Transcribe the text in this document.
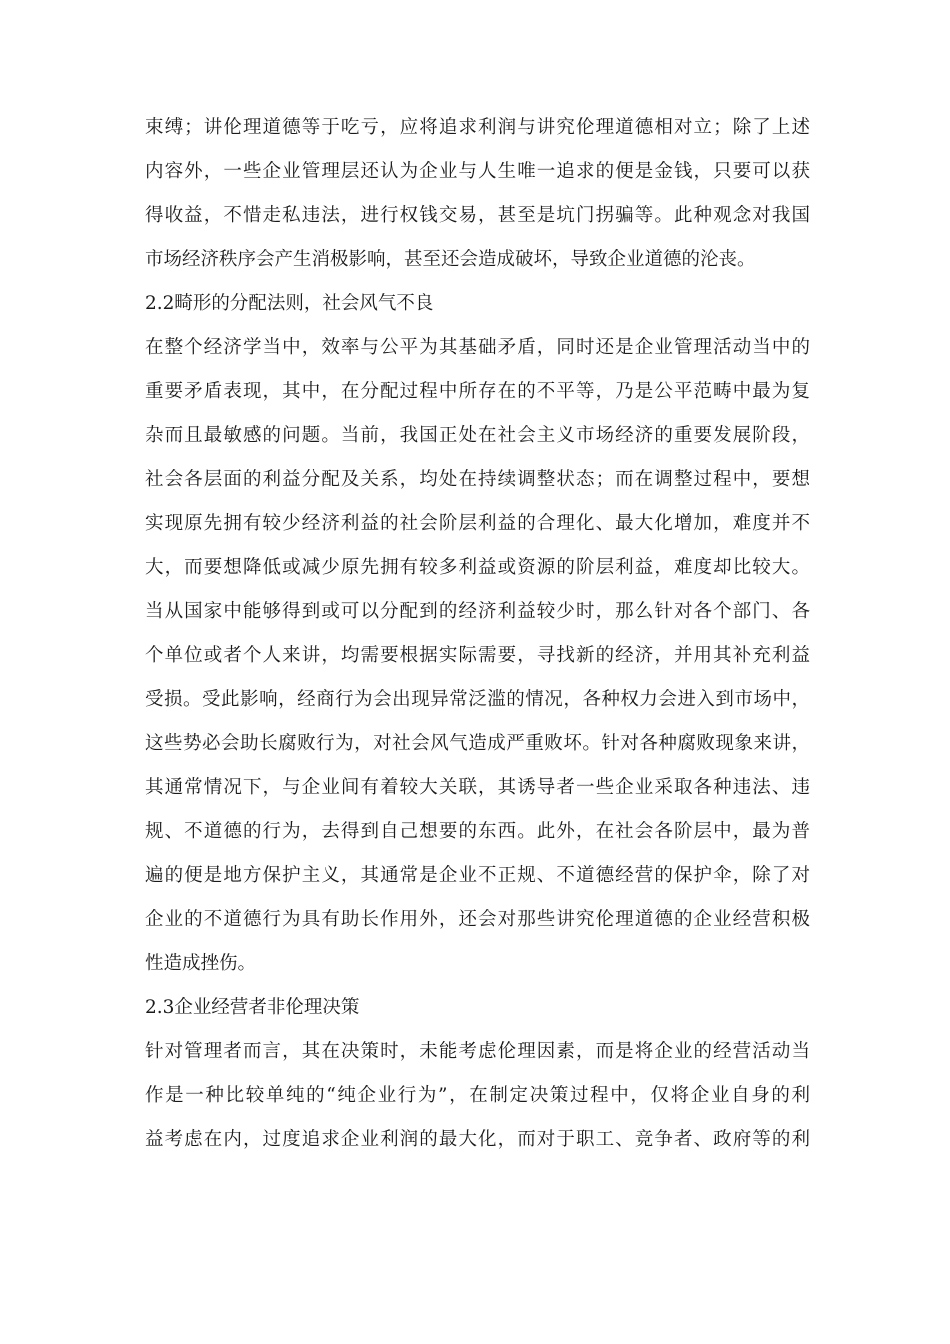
束缚；讲伦理道德等于吃亏，应将追求利润与讲究伦理道德相对立；除了上述
内容外，一些企业管理层还认为企业与人生唯一追求的便是金钱，只要可以获
得收益，不惜走私违法，进行权钱交易，甚至是坑门拐骗等。此种观念对我国
市场经济秩序会产生消极影响，甚至还会造成破坏，导致企业道德的沦丧。
2.2畸形的分配法则，社会风气不良
在整个经济学当中，效率与公平为其基础矛盾，同时还是企业管理活动当中的
重要矛盾表现，其中，在分配过程中所存在的不平等，乃是公平范畴中最为复
杂而且最敏感的问题。当前，我国正处在社会主义市场经济的重要发展阶段，
社会各层面的利益分配及关系，均处在持续调整状态；而在调整过程中，要想
实现原先拥有较少经济利益的社会阶层利益的合理化、最大化增加，难度并不
大，而要想降低或减少原先拥有较多利益或资源的阶层利益，难度却比较大。
当从国家中能够得到或可以分配到的经济利益较少时，那么针对各个部门、各
个单位或者个人来讲，均需要根据实际需要，寻找新的经济，并用其补充利益
受损。受此影响，经商行为会出现异常泛滥的情况，各种权力会进入到市场中，
这些势必会助长腐败行为，对社会风气造成严重败坏。针对各种腐败现象来讲，
其通常情况下，与企业间有着较大关联，其诱导者一些企业采取各种违法、违
规、不道德的行为，去得到自己想要的东西。此外，在社会各阶层中，最为普
遍的便是地方保护主义，其通常是企业不正规、不道德经营的保护伞，除了对
企业的不道德行为具有助长作用外，还会对那些讲究伦理道德的企业经营积极
性造成挫伤。
2.3企业经营者非伦理决策
针对管理者而言，其在决策时，未能考虑伦理因素，而是将企业的经营活动当
作是一种比较单纯的“纯企业行为”，在制定决策过程中，仅将企业自身的利
益考虑在内，过度追求企业利润的最大化，而对于职工、竞争者、政府等的利
